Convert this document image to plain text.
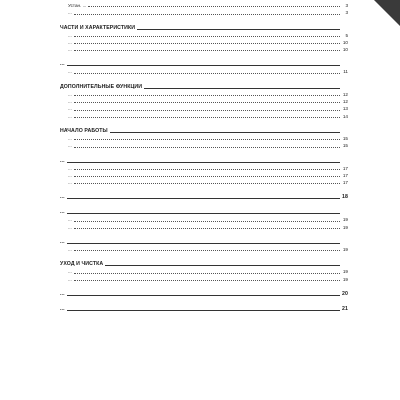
Устан. ...	3
...	3
ЧАСТИ И ХАРАКТЕРИСТИКИ
...	5
...	10
...	10
...
...	11
ДОПОЛНИТЕЛЬНЫЕ ФУНКЦИИ
...	12
...	12
...	13
...	14
НАЧАЛО РАБОТЫ
...	15
...	15
...
...	17
...	17
...	17
...	18
...
...	19
...	19
...
...	19
УХОД И ЧИСТКА
...	19
...	19
...	20
...	21
